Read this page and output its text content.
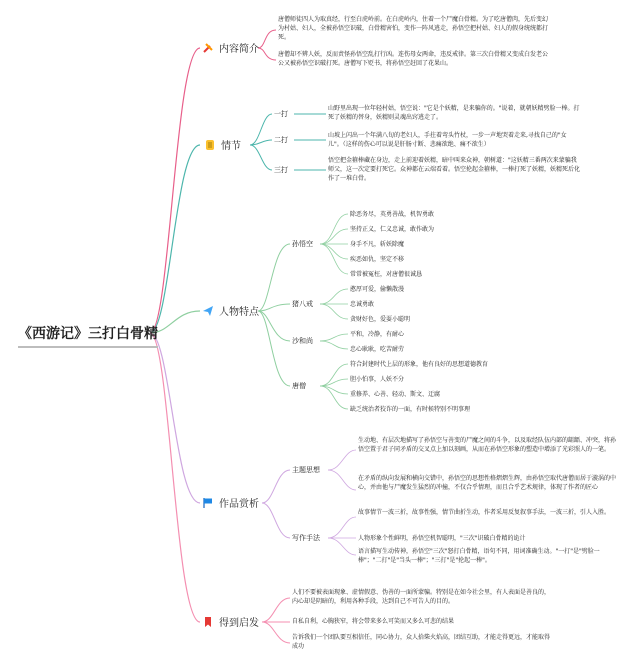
《西游记》三打白骨精
内容简介
唐僧师徒四人为取真经，行至白虎岭前。在白虎岭内，住着一个尸魔白骨精。为了吃唐僧肉，先后变幻为村姑、妇人，全被孙悟空识破，白骨精害怕，变作一阵风逃走，孙悟空把村姑、妇人的假身统统都打死。
唐僧却不辨人妖，反而责怪孙悟空乱打行凶。连伤母女两命，违反戒律。第三次白骨精又变成白发老公公又被孙悟空识破打死。唐僧写下贬书，将孙悟空赶回了花果山。
情节
一打
二打
三打
山野里出现一位年轻村姑，悟空说："它是个妖精，是来骗你的。"说着，就朝妖精劈脸一棒。打死了妖精的替身，妖精则灵魂出窍逃走了。
山坡上闪出一个年满八旬的老妇人，手拄着弯头竹杖，一步一声地哭着走来,寻找自己的"女儿"。（这样的伤心可以说是肝肠寸断、悲痛欲绝、痛不欲生）
悟空把金箍棒藏在身边，走上前迎着妖精，暗中叫来众神，朝树道："这妖精三番两次来蒙骗我师父，这一次定要打死它。众神都在云端看着。悟空抡起金箍棒，一棒打死了妖精，妖精死后化作了一堆白骨。
人物特点
孙悟空
猪八戒
沙和尚
唐僧
除恶务尽，英勇善战，机智勇敢
坚持正义，仁义忠诚，敢作敢为
身手不凡，斩妖除魔
疾恶如仇，坚定不移
常常被冤枉，对唐僧很诚恳
憨厚可爱，偷懒散漫
忠诚勇敢
贪财好色，爱耍小聪明
平和，冷静，有耐心
忠心耿耿，吃苦耐劳
符合封建时代上层的形象，他有良好的思想道德教育
胆小怕事，人妖不分
重修养、心善、轻动、斯文、迂腐
缺乏统治者狡诈的一面，有时候特别不明事理
作品赏析
主题思想
写作手法
生动地、有层次地描写了孙悟空与善变的尸魔之间的斗争，以及取经队伍内部的龃龉、冲突，将孙悟空置于君子同矛盾的交叉点上加以刻画，从而在孙悟空形象的塑造中增添了光彩照人的一笔。
在矛盾的纵向发展和横向交错中，孙悟空的思想性格熠熠生辉，由孙悟空取代唐僧而居于漩涡的中心，并由他与尸魔发生猛烈的冲撞，不仅合乎情理，而且合乎艺术规律，体现了作者的匠心
故事情节一波三折，故事性强，情节曲折生动，作者采用反复叙事手法，一波三折，引人入胜。
人物形象个性鲜明，孙悟空机智聪明，"三次"识破白骨精的诡计
语言描写生动传神，孙悟空"三次"怒打白骨精，语句不同，用词准确生动。"一打"是"劈脸一棒"；"二打"是"当头一棒"；"三打"是"抡起一棒"。
得到启发
人们不要被表面现象、虚情假意、伪善的一面所蒙骗。特别是在如今社会里，有人表面是善良的，内心却是阴暗的，利用各种手段，达到自己不可告人的目的。
自私自利，心胸狭窄，将会带来多么可笑而又多么可悲的结果
告诉我们一个团队要互相信任，同心协力，众人拾柴火焰高，团结互助，才能走得更远，才能取得成功
